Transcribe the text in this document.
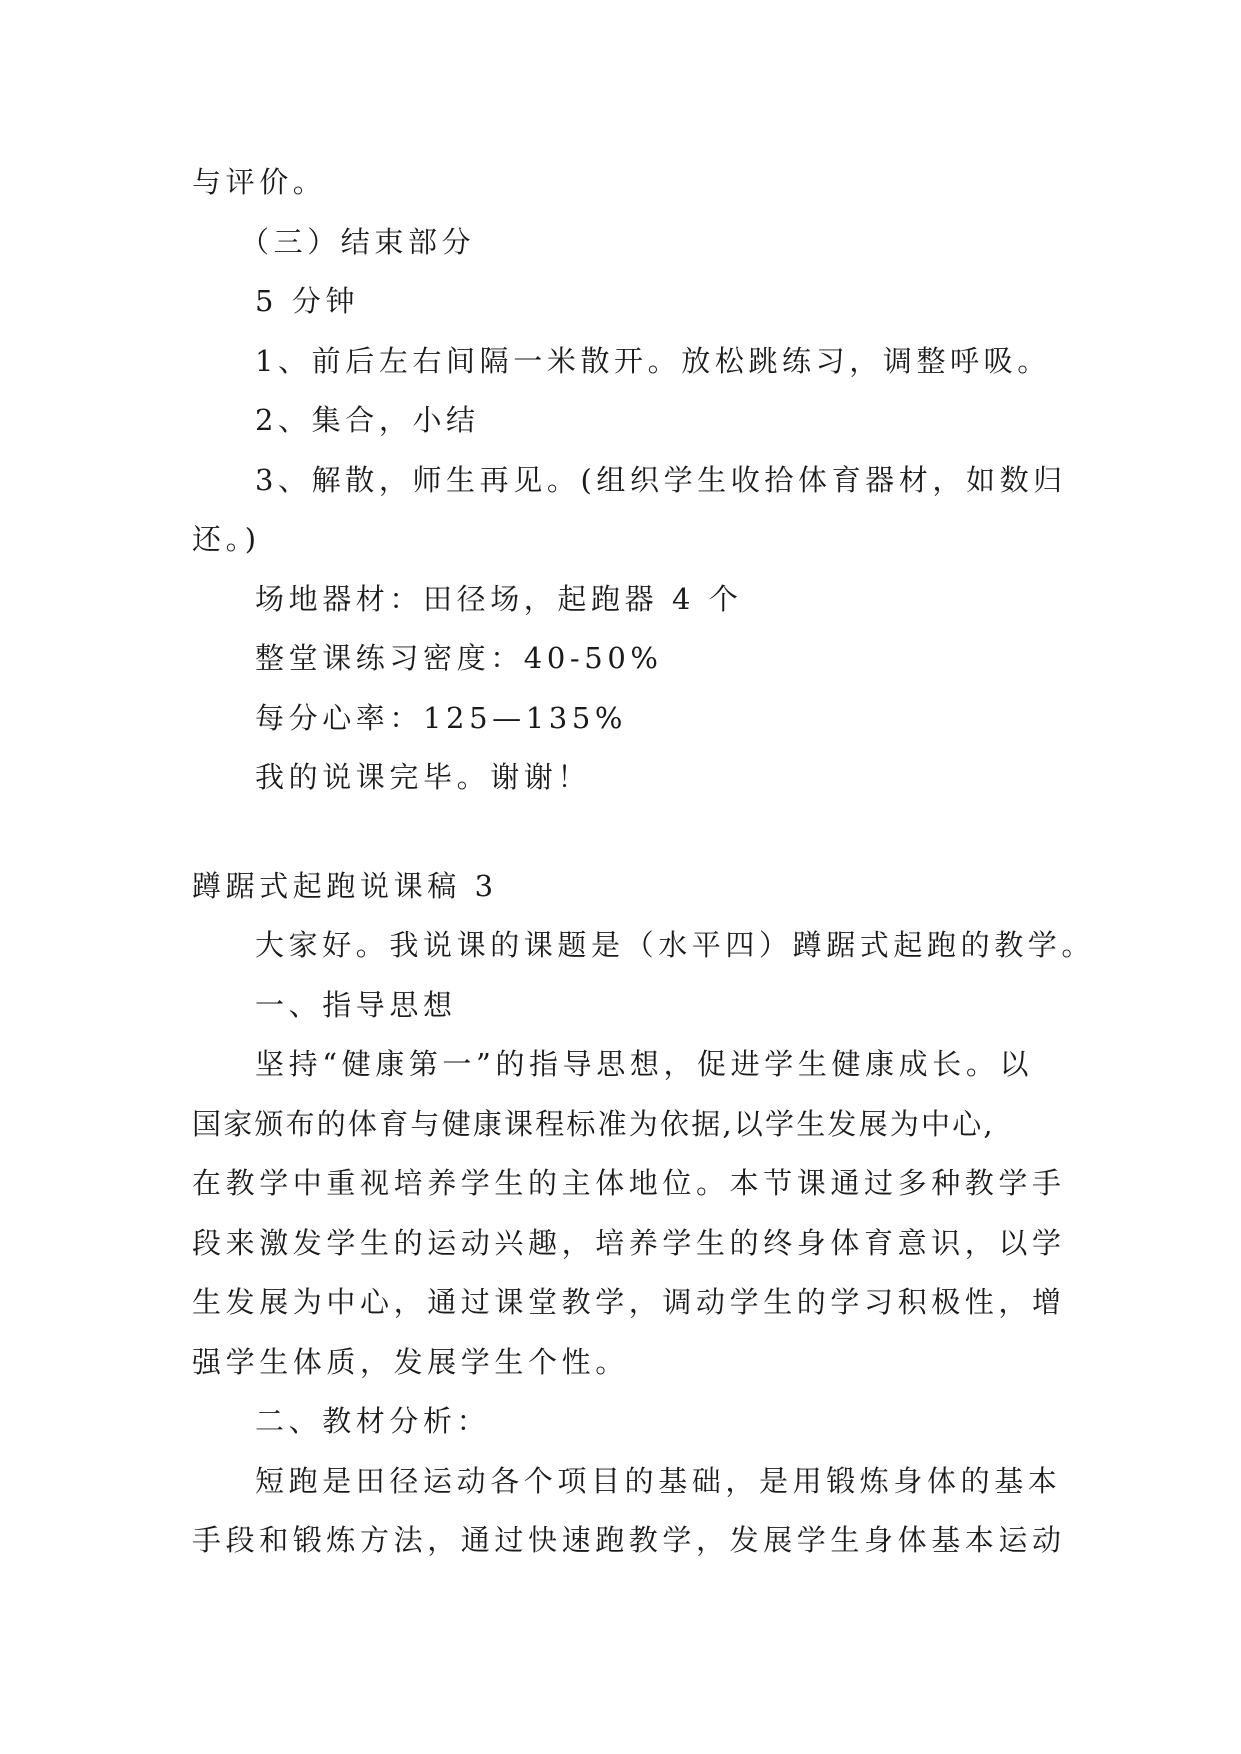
与评价。
（三）结束部分
5 分钟
1、前后左右间隔一米散开。放松跳练习，调整呼吸。
2、集合，小结
3、解散，师生再见。(组织学生收拾体育器材，如数归
还。)
场地器材：田径场，起跑器 4 个
整堂课练习密度：40-50%
每分心率：125—135%
我的说课完毕。谢谢！
蹲踞式起跑说课稿 3
大家好。我说课的课题是（水平四）蹲踞式起跑的教学。
一、指导思想
坚持“健康第一”的指导思想，促进学生健康成长。以
国家颁布的体育与健康课程标准为依据,以学生发展为中心,
在教学中重视培养学生的主体地位。本节课通过多种教学手
段来激发学生的运动兴趣，培养学生的终身体育意识，以学
生发展为中心，通过课堂教学，调动学生的学习积极性，增
强学生体质，发展学生个性。
二、教材分析：
短跑是田径运动各个项目的基础，是用锻炼身体的基本
手段和锻炼方法，通过快速跑教学，发展学生身体基本运动
